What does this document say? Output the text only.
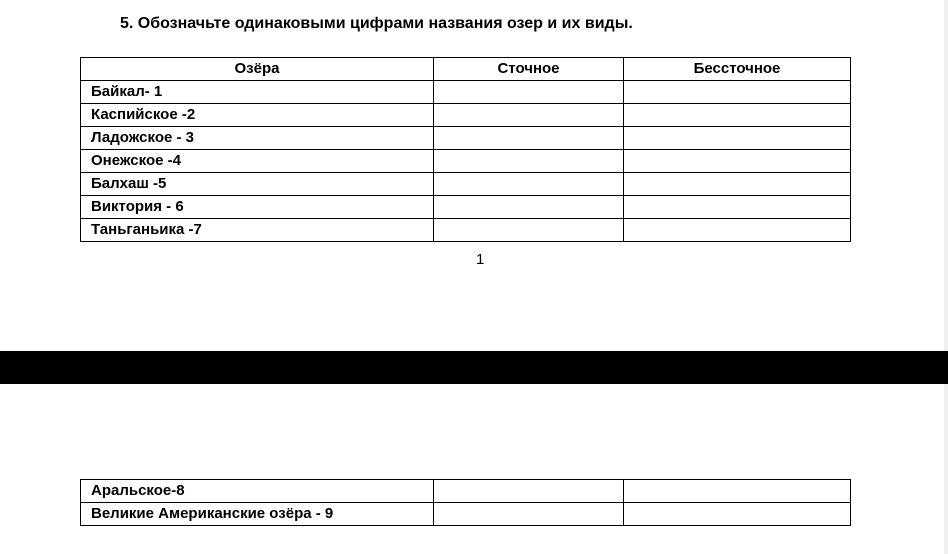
5. Обозначьте одинаковыми цифрами названия озер и их виды.
Озёра	Сточное	Бессточное
Байкал- 1		
Каспийское -2		
Ладожское - 3		
Онежское -4		
Балхаш -5		
Виктория - 6		
Таньганьика -7		
1
Аральское-8		
Великие Американские озёра - 9		
